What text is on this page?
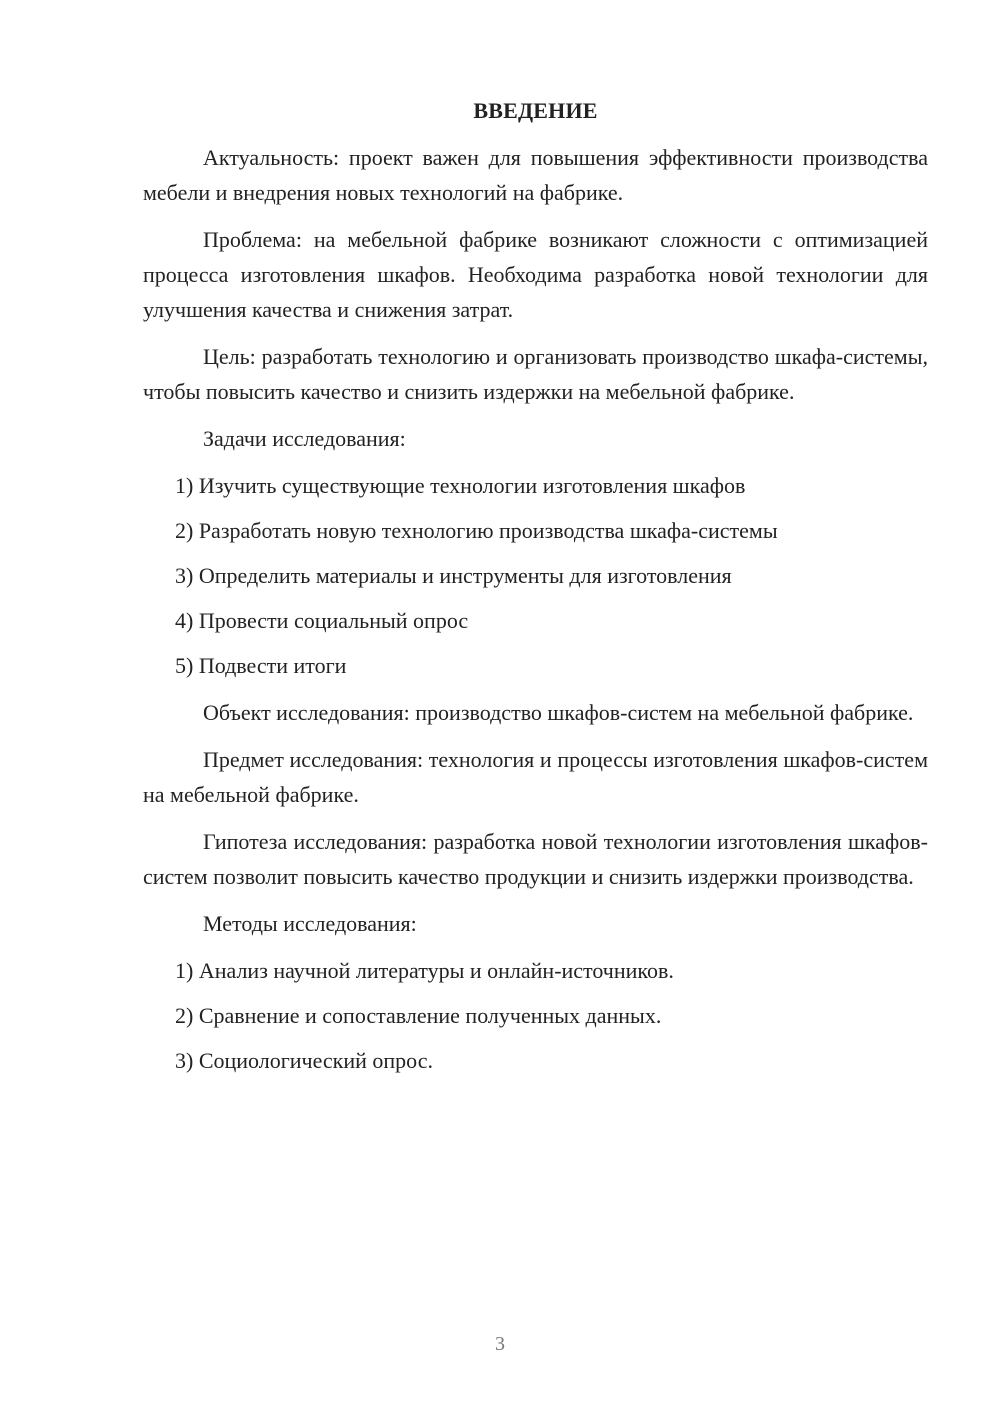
ВВЕДЕНИЕ

Актуальность: проект важен для повышения эффективности производства мебели и внедрения новых технологий на фабрике.

Проблема: на мебельной фабрике возникают сложности с оптимизацией процесса изготовления шкафов. Необходима разработка новой технологии для улучшения качества и снижения затрат.

Цель: разработать технологию и организовать производство шкафа-системы, чтобы повысить качество и снизить издержки на мебельной фабрике.

Задачи исследования:
1) Изучить существующие технологии изготовления шкафов
2) Разработать новую технологию производства шкафа-системы
3) Определить материалы и инструменты для изготовления
4) Провести социальный опрос
5) Подвести итоги

Объект исследования: производство шкафов-систем на мебельной фабрике.

Предмет исследования: технология и процессы изготовления шкафов-систем на мебельной фабрике.

Гипотеза исследования: разработка новой технологии изготовления шкафов-систем позволит повысить качество продукции и снизить издержки производства.

Методы исследования:
1) Анализ научной литературы и онлайн-источников.
2) Сравнение и сопоставление полученных данных.
3) Социологический опрос.
3
